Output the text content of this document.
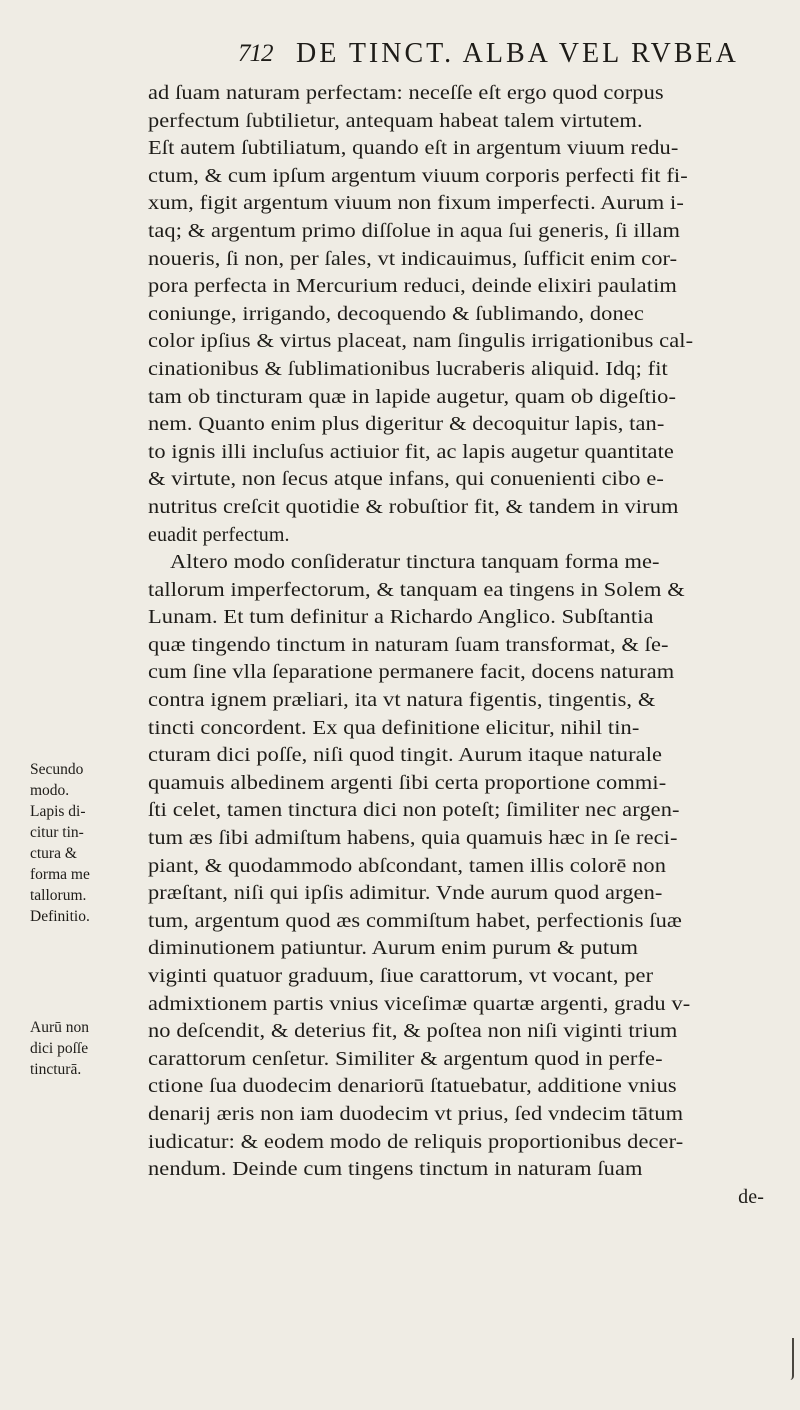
712 DE TINCT. ALBA VEL RVBEA
ad ſuam naturam perfectam: neceſſe eſt ergo quod corpus
perfectum ſubtilietur, antequam habeat talem virtutem.
Eſt autem ſubtiliatum, quando eſt in argentum viuum redu-
ctum, & cum ipſum argentum viuum corporis perfecti fit fi-
xum, figit argentum viuum non fixum imperfecti. Aurum i-
taq; & argentum primo diſſolue in aqua ſui generis, ſi illam
noueris, ſi non, per ſales, vt indicauimus, ſufficit enim cor-
pora perfecta in Mercurium reduci, deinde elixiri paulatim
coniunge, irrigando, decoquendo & ſublimando, donec
color ipſius & virtus placeat, nam ſingulis irrigationibus cal-
cinationibus & ſublimationibus lucraberis aliquid. Idq; fit
tam ob tincturam quæ in lapide augetur, quam ob digeſtio-
nem. Quanto enim plus digeritur & decoquitur lapis, tan-
to ignis illi incluſus actiuior fit, ac lapis augetur quantitate
& virtute, non ſecus atque infans, qui conuenienti cibo e-
nutritus creſcit quotidie & robuſtior fit, & tandem in virum
euadit perfectum.
Altero modo conſideratur tinctura tanquam forma me-
tallorum imperfectorum, & tanquam ea tingens in Solem &
Lunam. Et tum definitur a Richardo Anglico. Subſtantia
quæ tingendo tinctum in naturam ſuam transformat, & ſe-
cum ſine vlla ſeparatione permanere facit, docens naturam
contra ignem præliari, ita vt natura figentis, tingentis, &
tincti concordent. Ex qua definitione elicitur, nihil tin-
cturam dici poſſe, niſi quod tingit. Aurum itaque naturale
quamuis albedinem argenti ſibi certa proportione commi-
ſti celet, tamen tinctura dici non poteſt; ſimiliter nec argen-
tum æs ſibi admiſtum habens, quia quamuis hæc in ſe reci-
piant, & quodammodo abſcondant, tamen illis colorē non
præſtant, niſi qui ipſis adimitur. Vnde aurum quod argen-
tum, argentum quod æs commiſtum habet, perfectionis ſuæ
diminutionem patiuntur. Aurum enim purum & putum
viginti quatuor graduum, ſiue carattorum, vt vocant, per
admixtionem partis vnius viceſimæ quartæ argenti, gradu v-
no deſcendit, & deterius fit, & poſtea non niſi viginti trium
carattorum cenſetur. Similiter & argentum quod in perfe-
ctione ſua duodecim denariorū ſtatuebatur, additione vnius
denarij æris non iam duodecim vt prius, ſed vndecim tātum
iudicatur: & eodem modo de reliquis proportionibus decer-
nendum. Deinde cum tingens tinctum in naturam ſuam
de-
Secundo
modo.
Lapis di-
citur tin-
ctura &
forma me
tallorum.
Definitio.
Aurū non
dici poſſe
tincturā.
